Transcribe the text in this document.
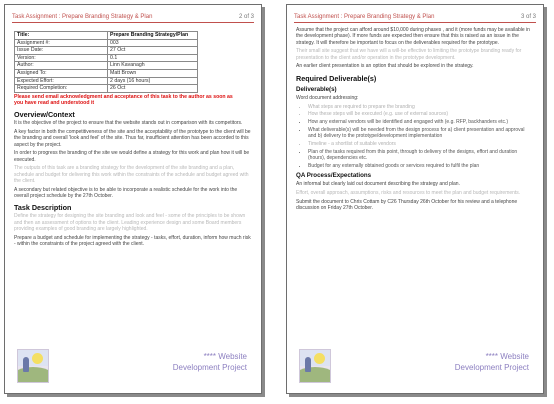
Task Assignment : Prepare Branding Strategy & Plan	2 of 3
Title:	Prepare Branding Strategy/Plan
Assignment #:	003
Issue Date:	27 Oct
Version:	0.1
Author:	Linn Kavanagh
Assigned To:	Matt Brown
Expected Effort:	2 days (16 hours)
Required Completion:	26 Oct
Please send email acknowledgment and acceptance of this task to the author as soon as you have read and understood it
Overview/Context

It is the objective of the project to ensure that the website stands out in comparison with its competitors.

A key factor in both the competitiveness of the site and the acceptability of the prototype to the client will be the branding and overall 'look and feel' of the site. Thus far, insufficient attention has been accorded to this aspect by the project.

In order to progress the branding of the site we would define a strategy for this work and plan how it will be executed.

The outputs of this task are a branding strategy for the development of the site branding and a plan, schedule and budget for delivering this work within the constraints of the schedule and budget agreed with the client.

A secondary but related objective is to be able to incorporate a realistic schedule for the work into the overall project schedule by the 27th October.

Task Description

Define the strategy for designing the site branding and look and feel - some of the principles to be shown and then an assessment of options to the client. Leading experience design and some Board members providing examples of good branding are largely highlighted.

Prepare a budget and schedule for implementing the strategy - tasks, effort, duration, inform how much risk - within the constraints of the project agreed with the client.

**** Website
Development Project
Task Assignment : Prepare Branding Strategy & Plan	3 of 3

Assume that the project can afford around $10,000 during phases , and it (more funds may be available in the development phase). If more funds are expected then ensure that this is raised as an issue in the strategy. It will therefore be important to focus on the deliverables required for the prototype.

Their small site suggest that we have will a will-be effective to limiting the prototype branding ready for presentation to the client and/or operation in the prototype development.

An earlier client presentation is an option that should be explored in the strategy.

Required Deliverable(s)
Deliverable(s)

Word document addressing:

• What steps are required to prepare the branding
• How these steps will be executed (e.g. use of external sources)
• How any external vendors will be identified and engaged with (e.g. RFP, backhanders etc.)
• What deliverable(s) will be needed from the design process for a) client presentation and approval and b) delivery to the prototype/development implementation
• Timeline - a shortlist of suitable vendors
• Plan of the tasks required from this point, through to delivery of the designs, effort and duration (hours), dependencies etc.
• Budget for any externally obtained goods or services required to fulfil the plan
QA Process/Expectations

An informal but clearly laid out document describing the strategy and plan.

Effort, overall approach, assumptions, risks and resources to meet the plan and budget requirements.

Submit the document to Chris Cottam by C26 Thursday 26th October for his review and a telephone discussion on Friday 27th October.

**** Website
Development Project
